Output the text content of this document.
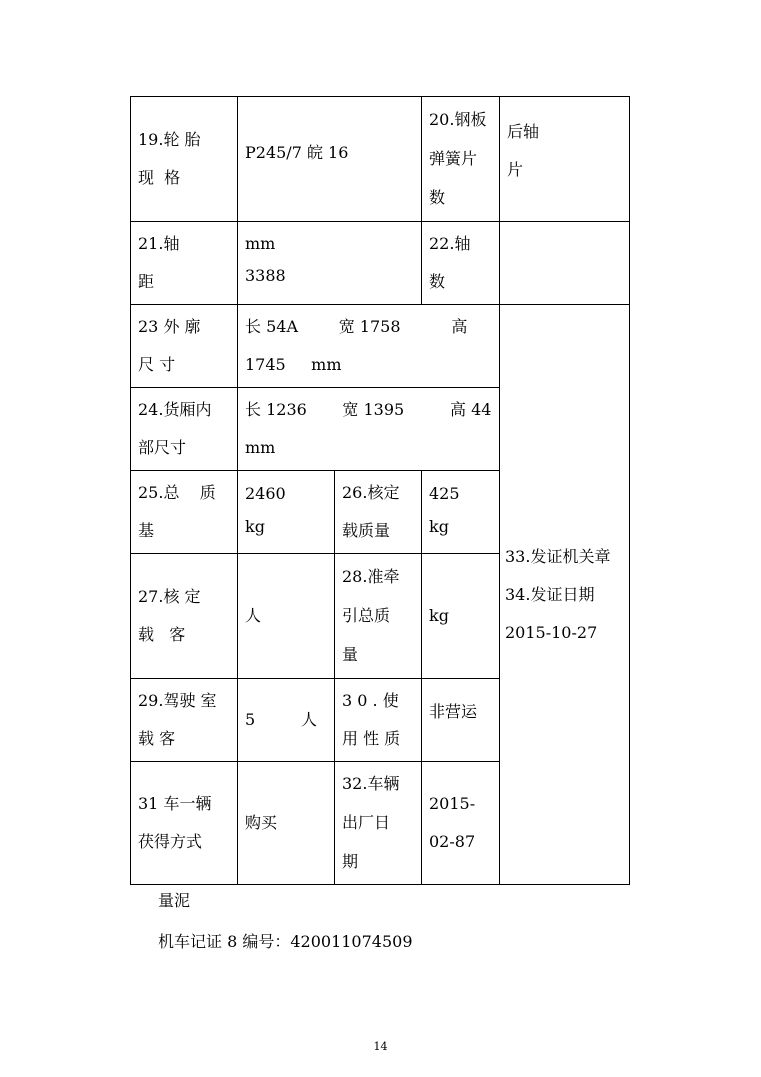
19.轮 胎
现  格
P245/7 皖 16
20.钢板
弹簧片
数
后轴
片
21.轴
距
mm
3388
22.轴
数
23 外 廓
尺 寸
长 54A        宽 1758          高
1745     mm
33.发证机关章
34.发证日期
2015-10-27
24.货厢内
部尺寸
长 1236       宽 1395         高 44
mm
25.总    质
基
2460
kg
26.核定
载质量
425
kg
27.核 定
载   客
人
28.准牵
引总质
量
kg
29.驾驶 室
载 客
5         人
3 0 . 使
用 性 质
非营运
31 车一辆
茯得方式
购买
32.车辆
出厂日
期
2015-
02-87
量泥
机车记证 8 编号：420011074509
14
